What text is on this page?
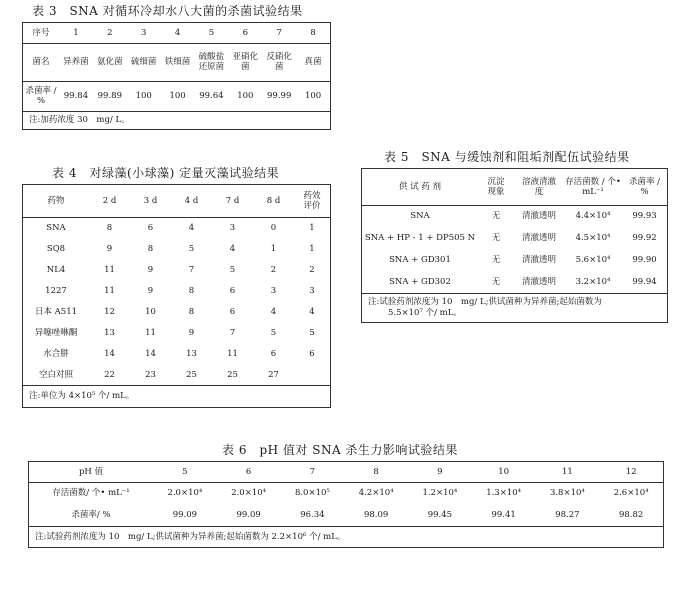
表 3　SNA 对循环冷却水八大菌的杀菌试验结果
序号	1	2	3	4	5	6	7	8
菌名	异养菌	氨化菌	硫细菌	铁细菌	硫酸盐还原菌	亚硝化菌	反硝化菌	真菌
杀菌率 / %	99.84	99.89	100	100	99.64	100	99.99	100
注:加药浓度 30　mg/ L。
表 4　对绿藻(小球藻) 定量灭藻试验结果
药物	2 d	3 d	4 d	7 d	8 d	药效评价
SNA	8	6	4	3	0	1
SQ8	9	8	5	4	1	1
NL4	11	9	7	5	2	2
1227	11	9	8	6	3	3
日本 A511	12	10	8	6	4	4
异噻唑啉酮	13	11	9	7	5	5
水合肼	14	14	13	11	6	6
空白对照	22	23	25	25	27	
注:单位为 4×10⁵ 个/ mL。
表 5　SNA 与缓蚀剂和阻垢剂配伍试验结果
供 试 药 剂	沉淀现象	溶液清澈度	存活菌数 / 个• mL⁻¹	杀菌率 / %
SNA	无	清澈透明	4.4×10⁴	99.93
SNA + HP - 1 + DP505 N	无	清澈透明	4.5×10⁴	99.92
SNA + GD301	无	清澈透明	5.6×10⁴	99.90
SNA + GD302	无	清澈透明	3.2×10⁴	99.94
注:试验药剂浓度为 10　mg/ L;供试菌种为异养菌;起始菌数为
5.5×10⁷ 个/ mL。
表 6　pH 值对 SNA 杀生力影响试验结果
pH 值	5	6	7	8	9	10	11	12
存活菌数/ 个• mL⁻¹	2.0×10⁴	2.0×10⁴	8.0×10⁵	4.2×10⁴	1.2×10⁴	1.3×10⁴	3.8×10⁴	2.6×10⁴
杀菌率/ %	99.09	99.09	96.34	98.09	99.45	99.41	98.27	98.82
注:试验药剂浓度为 10　mg/ L;供试菌种为异养菌;起始菌数为 2.2×10⁶ 个/ mL。
